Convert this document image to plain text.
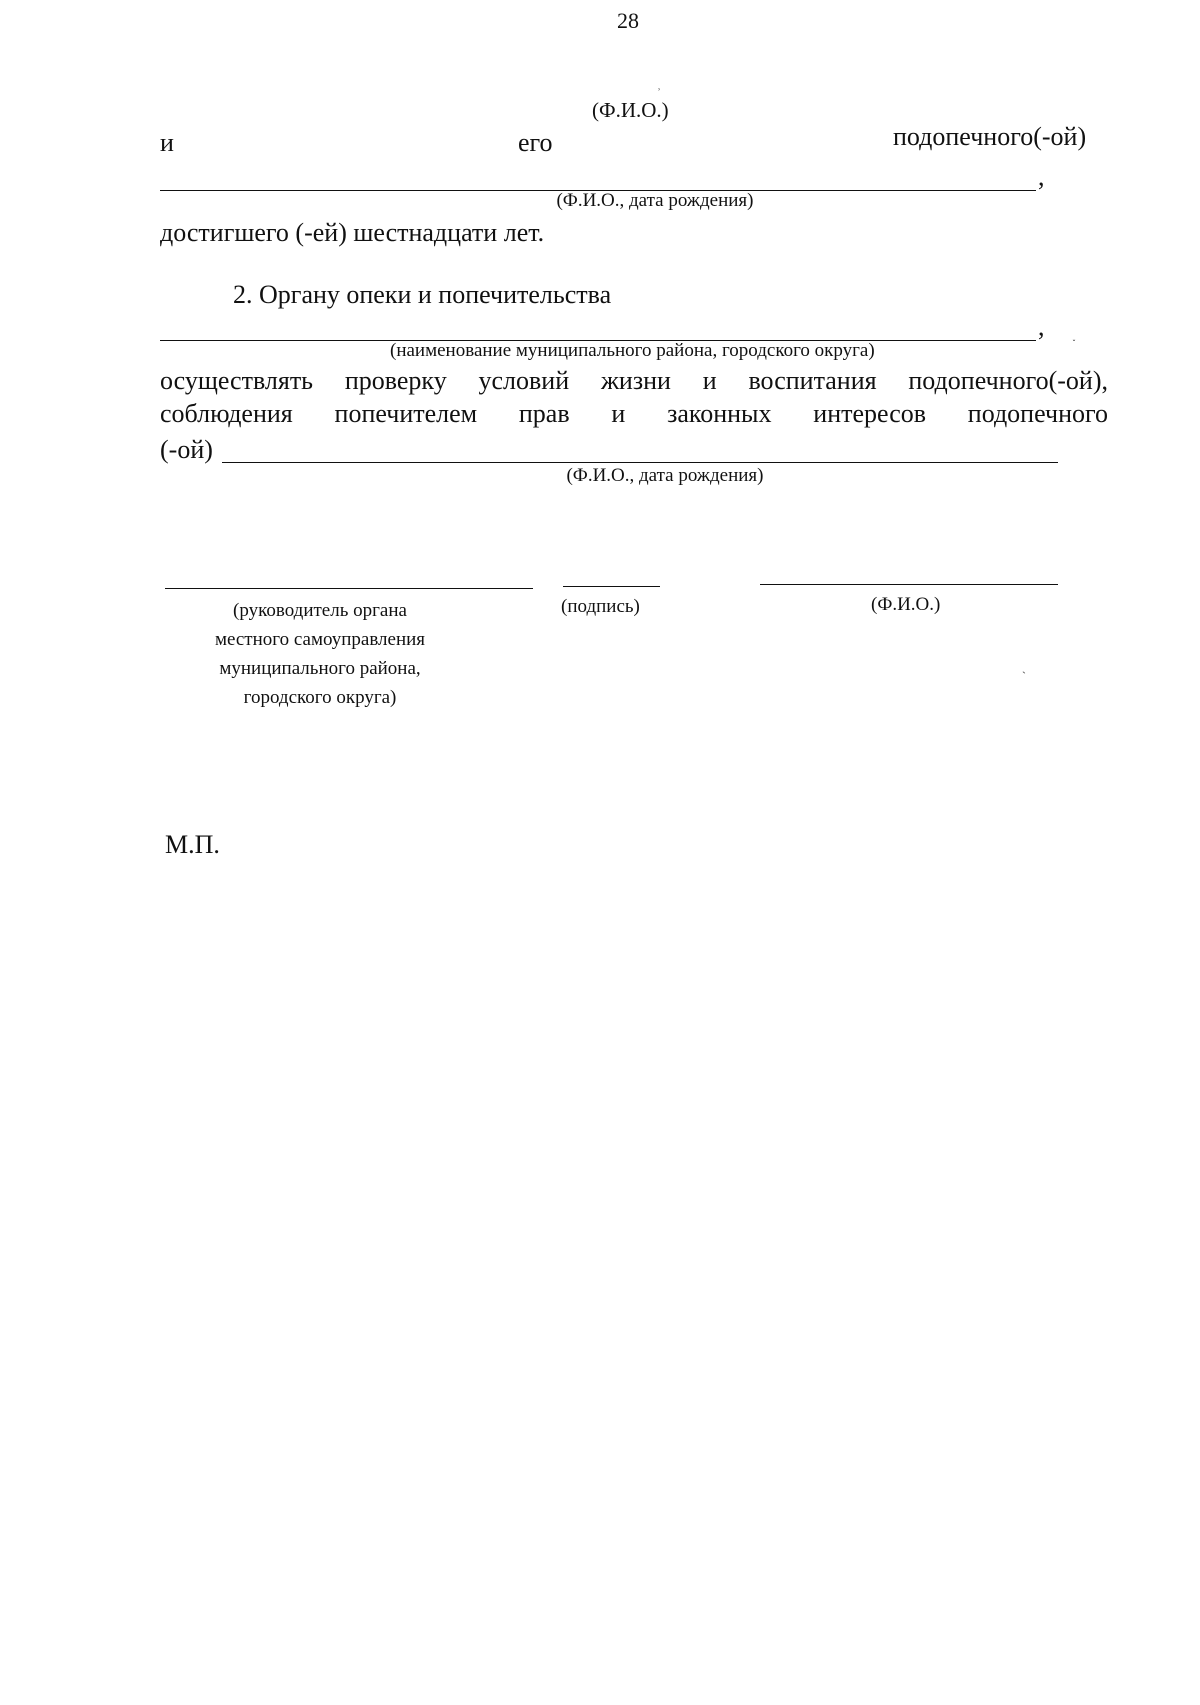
28
(Ф.И.О.)
и	его	подопечного(-ой)
,
(Ф.И.О., дата рождения)
достигшего (-ей) шестнадцати лет.
2. Органу опеки и попечительства
,
(наименование муниципального района, городского округа)
осуществлять проверку условий жизни и воспитания подопечного(-ой),
соблюдения попечителем прав и законных интересов подопечного
(-ой)
(Ф.И.О., дата рождения)
(руководитель органа
местного самоуправления
муниципального района,
городского округа)
(подпись)	(Ф.И.О.)
М.П.
˒
˯
ˏ
